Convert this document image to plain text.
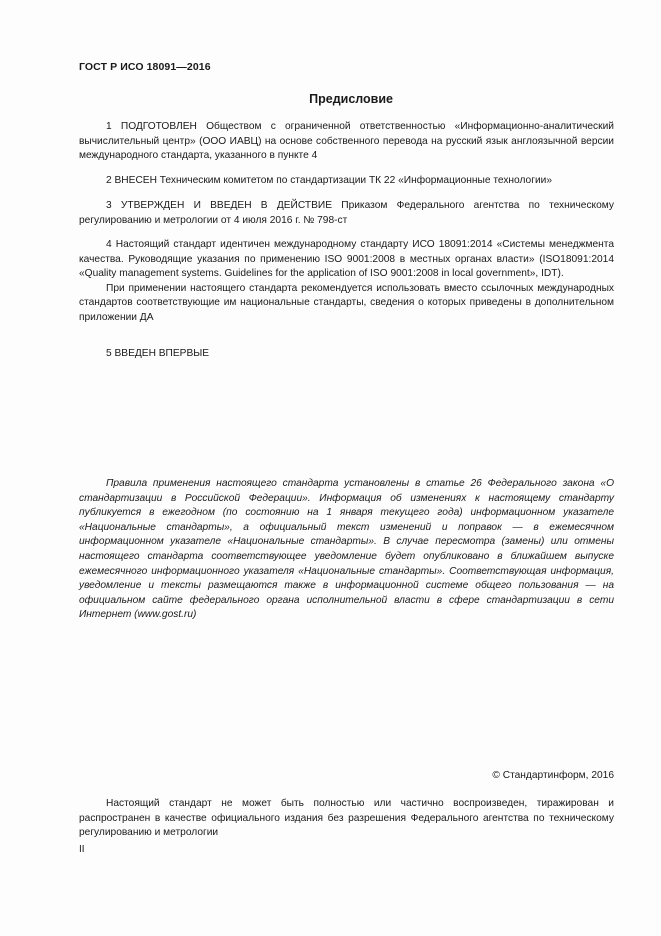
ГОСТ Р ИСО 18091—2016
Предисловие

1 ПОДГОТОВЛЕН Обществом с ограниченной ответственностью «Информационно-аналитический вычислительный центр» (ООО ИАВЦ) на основе собственного перевода на русский язык англоязычной версии международного стандарта, указанного в пункте 4

2 ВНЕСЕН Техническим комитетом по стандартизации ТК 22 «Информационные технологии»

3 УТВЕРЖДЕН И ВВЕДЕН В ДЕЙСТВИЕ Приказом Федерального агентства по техническому регулированию и метрологии от 4 июля 2016 г. № 798-ст

4 Настоящий стандарт идентичен международному стандарту ИСО 18091:2014 «Системы менеджмента качества. Руководящие указания по применению ISO 9001:2008 в местных органах власти» (ISO18091:2014 «Quality management systems. Guidelines for the application of ISO 9001:2008 in local government», IDT).

При применении настоящего стандарта рекомендуется использовать вместо ссылочных международных стандартов соответствующие им национальные стандарты, сведения о которых приведены в дополнительном приложении ДА

5 ВВЕДЕН ВПЕРВЫЕ

Правила применения настоящего стандарта установлены в статье 26 Федерального закона «О стандартизации в Российской Федерации». Информация об изменениях к настоящему стандарту публикуется в ежегодном (по состоянию на 1 января текущего года) информационном указателе «Национальные стандарты», а официальный текст изменений и поправок — в ежемесячном информационном указателе «Национальные стандарты». В случае пересмотра (замены) или отмены настоящего стандарта соответствующее уведомление будет опубликовано в ближайшем выпуске ежемесячного информационного указателя «Национальные стандарты». Соответствующая информация, уведомление и тексты размещаются также в информационной системе общего пользования — на официальном сайте федерального органа исполнительной власти в сфере стандартизации в сети Интернет (www.gost.ru)

© Стандартинформ, 2016

Настоящий стандарт не может быть полностью или частично воспроизведен, тиражирован и распространен в качестве официального издания без разрешения Федерального агентства по техническому регулированию и метрологии

II
